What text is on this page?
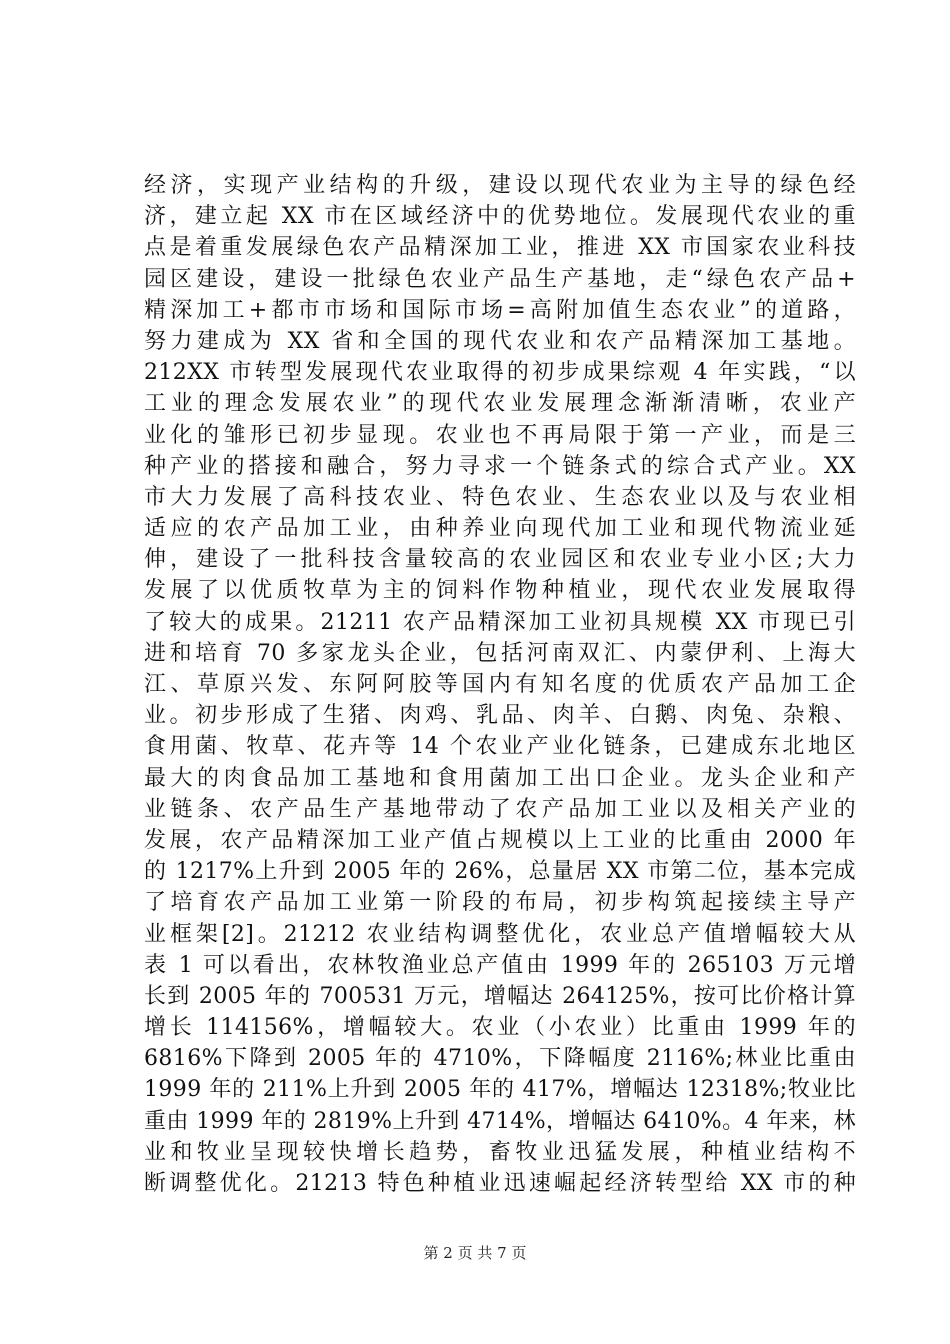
经济，实现产业结构的升级，建设以现代农业为主导的绿色经
济，建立起 XX 市在区域经济中的优势地位。发展现代农业的重
点是着重发展绿色农产品精深加工业，推进 XX 市国家农业科技
园区建设，建设一批绿色农业产品生产基地，走“绿色农产品+
精深加工+都市市场和国际市场=高附加值生态农业”的道路，
努力建成为 XX 省和全国的现代农业和农产品精深加工基地。
212XX 市转型发展现代农业取得的初步成果综观 4 年实践，“以
工业的理念发展农业”的现代农业发展理念渐渐清晰，农业产
业化的雏形已初步显现。农业也不再局限于第一产业，而是三
种产业的搭接和融合，努力寻求一个链条式的综合式产业。XX
市大力发展了高科技农业、特色农业、生态农业以及与农业相
适应的农产品加工业，由种养业向现代加工业和现代物流业延
伸，建设了一批科技含量较高的农业园区和农业专业小区;大力
发展了以优质牧草为主的饲料作物种植业，现代农业发展取得
了较大的成果。21211 农产品精深加工业初具规模 XX 市现已引
进和培育 70 多家龙头企业，包括河南双汇、内蒙伊利、上海大
江、草原兴发、东阿阿胶等国内有知名度的优质农产品加工企
业。初步形成了生猪、肉鸡、乳品、肉羊、白鹅、肉兔、杂粮、
食用菌、牧草、花卉等 14 个农业产业化链条，已建成东北地区
最大的肉食品加工基地和食用菌加工出口企业。龙头企业和产
业链条、农产品生产基地带动了农产品加工业以及相关产业的
发展，农产品精深加工业产值占规模以上工业的比重由 2000 年
的 1217%上升到 2005 年的 26%，总量居 XX 市第二位，基本完成
了培育农产品加工业第一阶段的布局，初步构筑起接续主导产
业框架[2]。21212 农业结构调整优化，农业总产值增幅较大从
表 1 可以看出，农林牧渔业总产值由 1999 年的 265103 万元增
长到 2005 年的 700531 万元，增幅达 264125%，按可比价格计算
增长 114156%，增幅较大。农业（小农业）比重由 1999 年的
6816%下降到 2005 年的 4710%，下降幅度 2116%;林业比重由
1999 年的 211%上升到 2005 年的 417%，增幅达 12318%;牧业比
重由 1999 年的 2819%上升到 4714%，增幅达 6410%。4 年来，林
业和牧业呈现较快增长趋势，畜牧业迅猛发展，种植业结构不
断调整优化。21213 特色种植业迅速崛起经济转型给 XX 市的种
第 2 页 共 7 页
